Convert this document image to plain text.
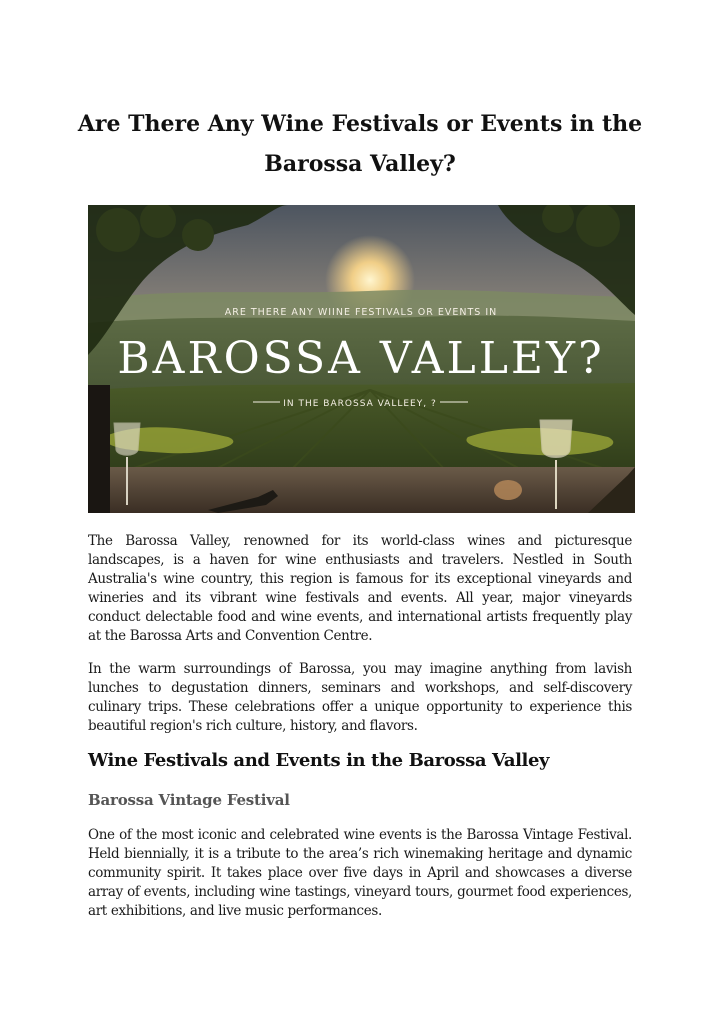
Are There Any Wine Festivals or Events in the Barossa Valley?
ARE THERE ANY WIINE FESTIVALS OR EVENTS IN
BAROSSA VALLEY?
IN THE BAROSSA VALLEEY, ?

The Barossa Valley, renowned for its world-class wines and picturesque landscapes, is a haven for wine enthusiasts and travelers. Nestled in South Australia's wine country, this region is famous for its exceptional vineyards and wineries and its vibrant wine festivals and events. All year, major vineyards conduct delectable food and wine events, and international artists frequently play at the Barossa Arts and Convention Centre.

In the warm surroundings of Barossa, you may imagine anything from lavish lunches to degustation dinners, seminars and workshops, and self-discovery culinary trips. These celebrations offer a unique opportunity to experience this beautiful region's rich culture, history, and flavors.

Wine Festivals and Events in the Barossa Valley
Barossa Vintage Festival

One of the most iconic and celebrated wine events is the Barossa Vintage Festival. Held biennially, it is a tribute to the area’s rich winemaking heritage and dynamic community spirit. It takes place over five days in April and showcases a diverse array of events, including wine tastings, vineyard tours, gourmet food experiences, art exhibitions, and live music performances.
